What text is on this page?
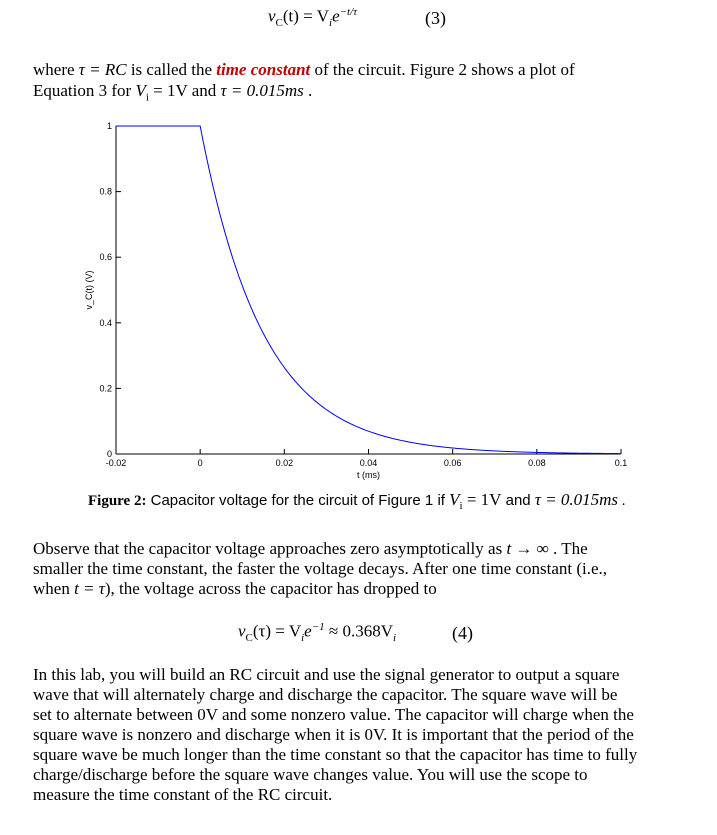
$v_C(t) = V_ie^{-t/\tau}$	(3)
where τ = RC is called the time constant of the circuit. Figure 2 shows a plot of
Equation 3 for $V_i = 1V$ and τ = 0.015ms .
0
0.2
0.4
0.6
0.8
1
-0.02	0	0.02	0.04	0.06	0.08	0.1
t (ms)
v_C(t) (V)
Figure 2: Capacitor voltage for the circuit of Figure 1 if $V_i = 1V$ and τ = 0.015ms .
Observe that the capacitor voltage approaches zero asymptotically as t → ∞ . The
smaller the time constant, the faster the voltage decays. After one time constant (i.e.,
when t = τ), the voltage across the capacitor has dropped to
$v_C(\tau) = V_ie^{-1} \approx 0.368V_i$	(4)
In this lab, you will build an RC circuit and use the signal generator to output a square
wave that will alternately charge and discharge the capacitor. The square wave will be
set to alternate between 0V and some nonzero value. The capacitor will charge when the
square wave is nonzero and discharge when it is 0V. It is important that the period of the
square wave be much longer than the time constant so that the capacitor has time to fully
charge/discharge before the square wave changes value. You will use the scope to
measure the time constant of the RC circuit.
